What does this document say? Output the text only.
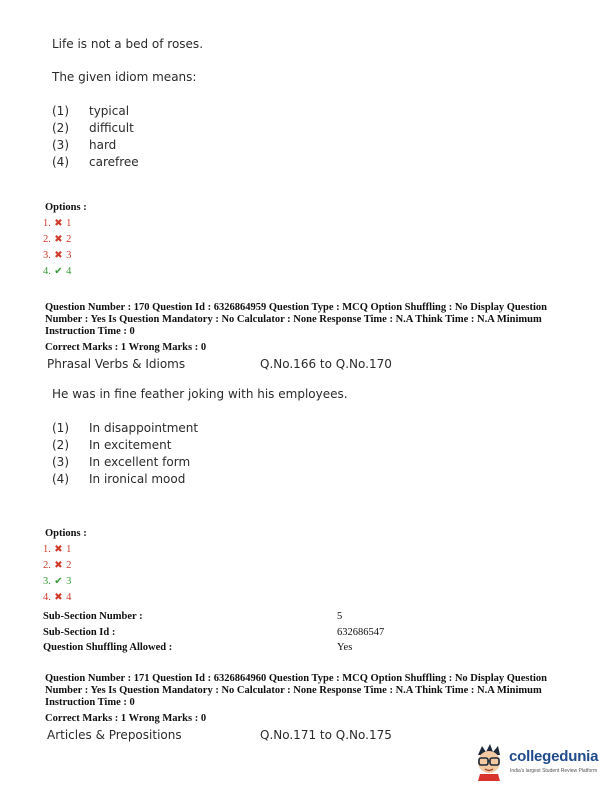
Life is not a bed of roses.
The given idiom means:
(1) typical
(2) difficult
(3) hard
(4) carefree
Options :
1. ✖ 1
2. ✖ 2
3. ✖ 3
4. ✔ 4
Question Number : 170 Question Id : 6326864959 Question Type : MCQ Option Shuffling : No Display Question
Number : Yes Is Question Mandatory : No Calculator : None Response Time : N.A Think Time : N.A Minimum
Instruction Time : 0
Correct Marks : 1 Wrong Marks : 0
Phrasal Verbs & Idioms	Q.No.166 to Q.No.170
He was in fine feather joking with his employees.
(1) In disappointment
(2) In excitement
(3) In excellent form
(4) In ironical mood
Options :
1. ✖ 1
2. ✖ 2
3. ✔ 3
4. ✖ 4
Sub-Section Number :	5
Sub-Section Id :	632686547
Question Shuffling Allowed :	Yes
Question Number : 171 Question Id : 6326864960 Question Type : MCQ Option Shuffling : No Display Question
Number : Yes Is Question Mandatory : No Calculator : None Response Time : N.A Think Time : N.A Minimum
Instruction Time : 0
Correct Marks : 1 Wrong Marks : 0
Articles & Prepositions	Q.No.171 to Q.No.175
collegedunia
India's largest Student Review Platform
